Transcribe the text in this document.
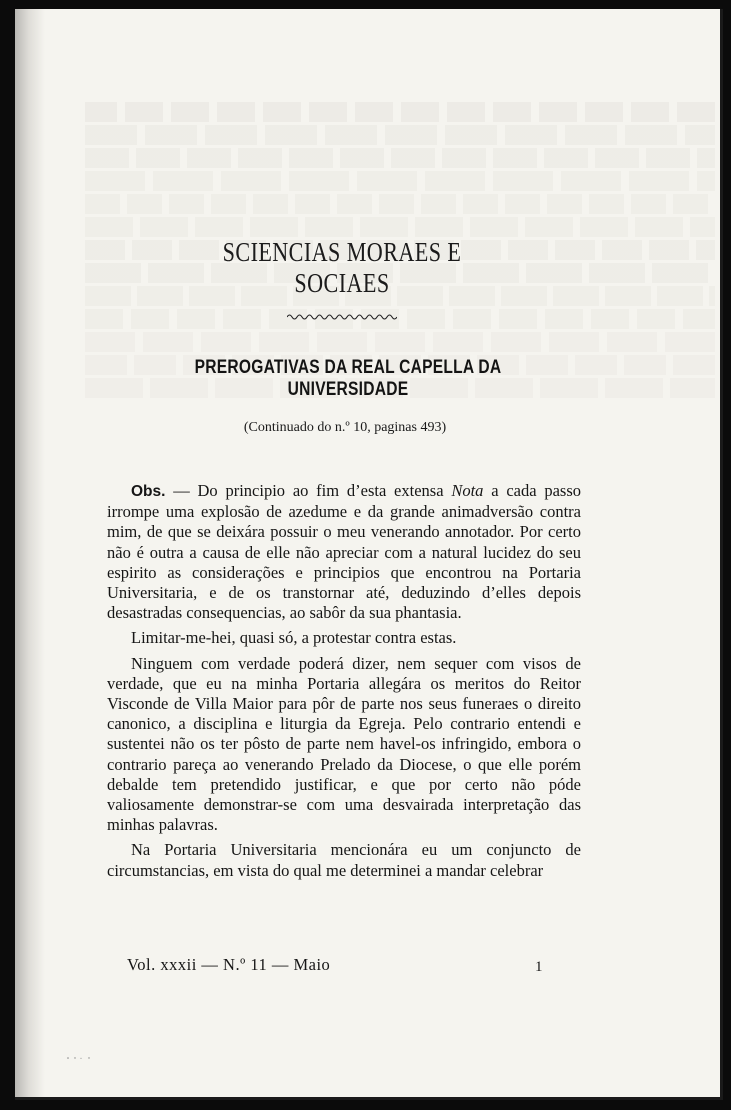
SCIENCIAS MORAES E SOCIAES
PREROGATIVAS DA REAL CAPELLA DA UNIVERSIDADE
(Continuado do n.º 10, paginas 493)

Obs. — Do principio ao fim d’esta extensa Nota a cada passo irrompe uma explosão de azedume e da grande animadversão contra mim, de que se deixára possuir o meu venerando annotador. Por certo não é outra a causa de elle não apreciar com a natural lucidez do seu espirito as considerações e principios que encontrou na Portaria Universitaria, e de os transtornar até, deduzindo d’elles depois desastradas consequencias, ao sabôr da sua phantasia.

Limitar-me-hei, quasi só, a protestar contra estas.

Ninguem com verdade poderá dizer, nem sequer com visos de verdade, que eu na minha Portaria allegára os meritos do Reitor Visconde de Villa Maior para pôr de parte nos seus funeraes o direito canonico, a disciplina e liturgia da Egreja. Pelo contrario entendi e sustentei não os ter pôsto de parte nem havel-os infringido, embora o contrario pareça ao venerando Prelado da Diocese, o que elle porém debalde tem pretendido justificar, e que por certo não póde valiosamente demonstrar-se com uma desvairada interpretação das minhas palavras.

Na Portaria Universitaria mencionára eu um conjuncto de circumstancias, em vista do qual me determinei a mandar celebrar

Vol. xxxii — N.º 11 — Maio	1
